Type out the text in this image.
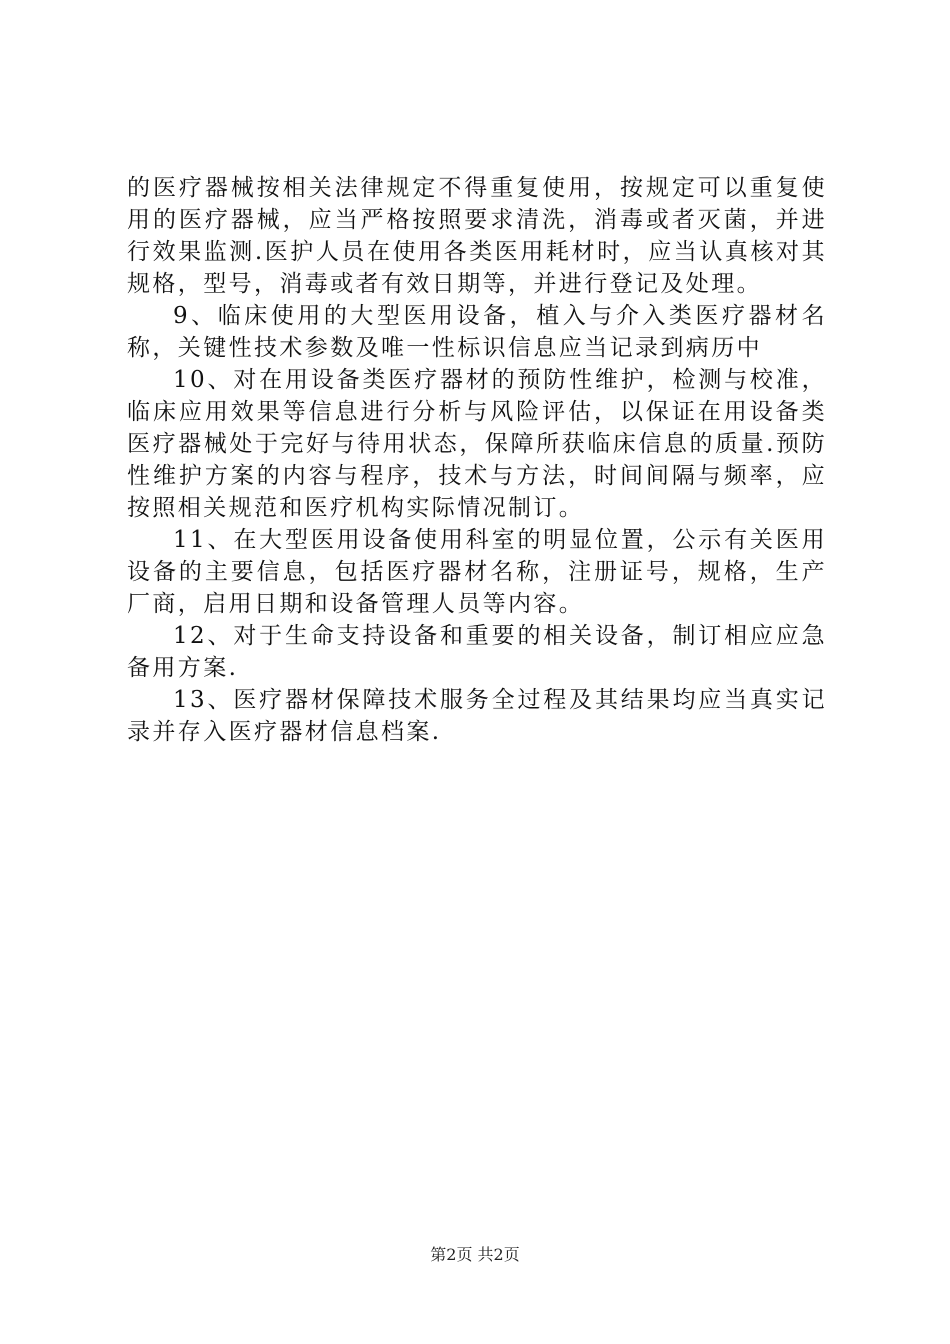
的医疗器械按相关法律规定不得重复使用，按规定可以重复使用的医疗器械，应当严格按照要求清洗，消毒或者灭菌，并进行效果监测.医护人员在使用各类医用耗材时，应当认真核对其规格，型号，消毒或者有效日期等，并进行登记及处理。

9、临床使用的大型医用设备，植入与介入类医疗器材名称，关键性技术参数及唯一性标识信息应当记录到病历中

10、对在用设备类医疗器材的预防性维护，检测与校准，临床应用效果等信息进行分析与风险评估，以保证在用设备类医疗器械处于完好与待用状态，保障所获临床信息的质量.预防性维护方案的内容与程序，技术与方法，时间间隔与频率，应按照相关规范和医疗机构实际情况制订。

11、在大型医用设备使用科室的明显位置，公示有关医用设备的主要信息，包括医疗器材名称，注册证号，规格，生产厂商，启用日期和设备管理人员等内容。

12、对于生命支持设备和重要的相关设备，制订相应应急备用方案.

13、医疗器材保障技术服务全过程及其结果均应当真实记录并存入医疗器材信息档案.

第2页 共2页
